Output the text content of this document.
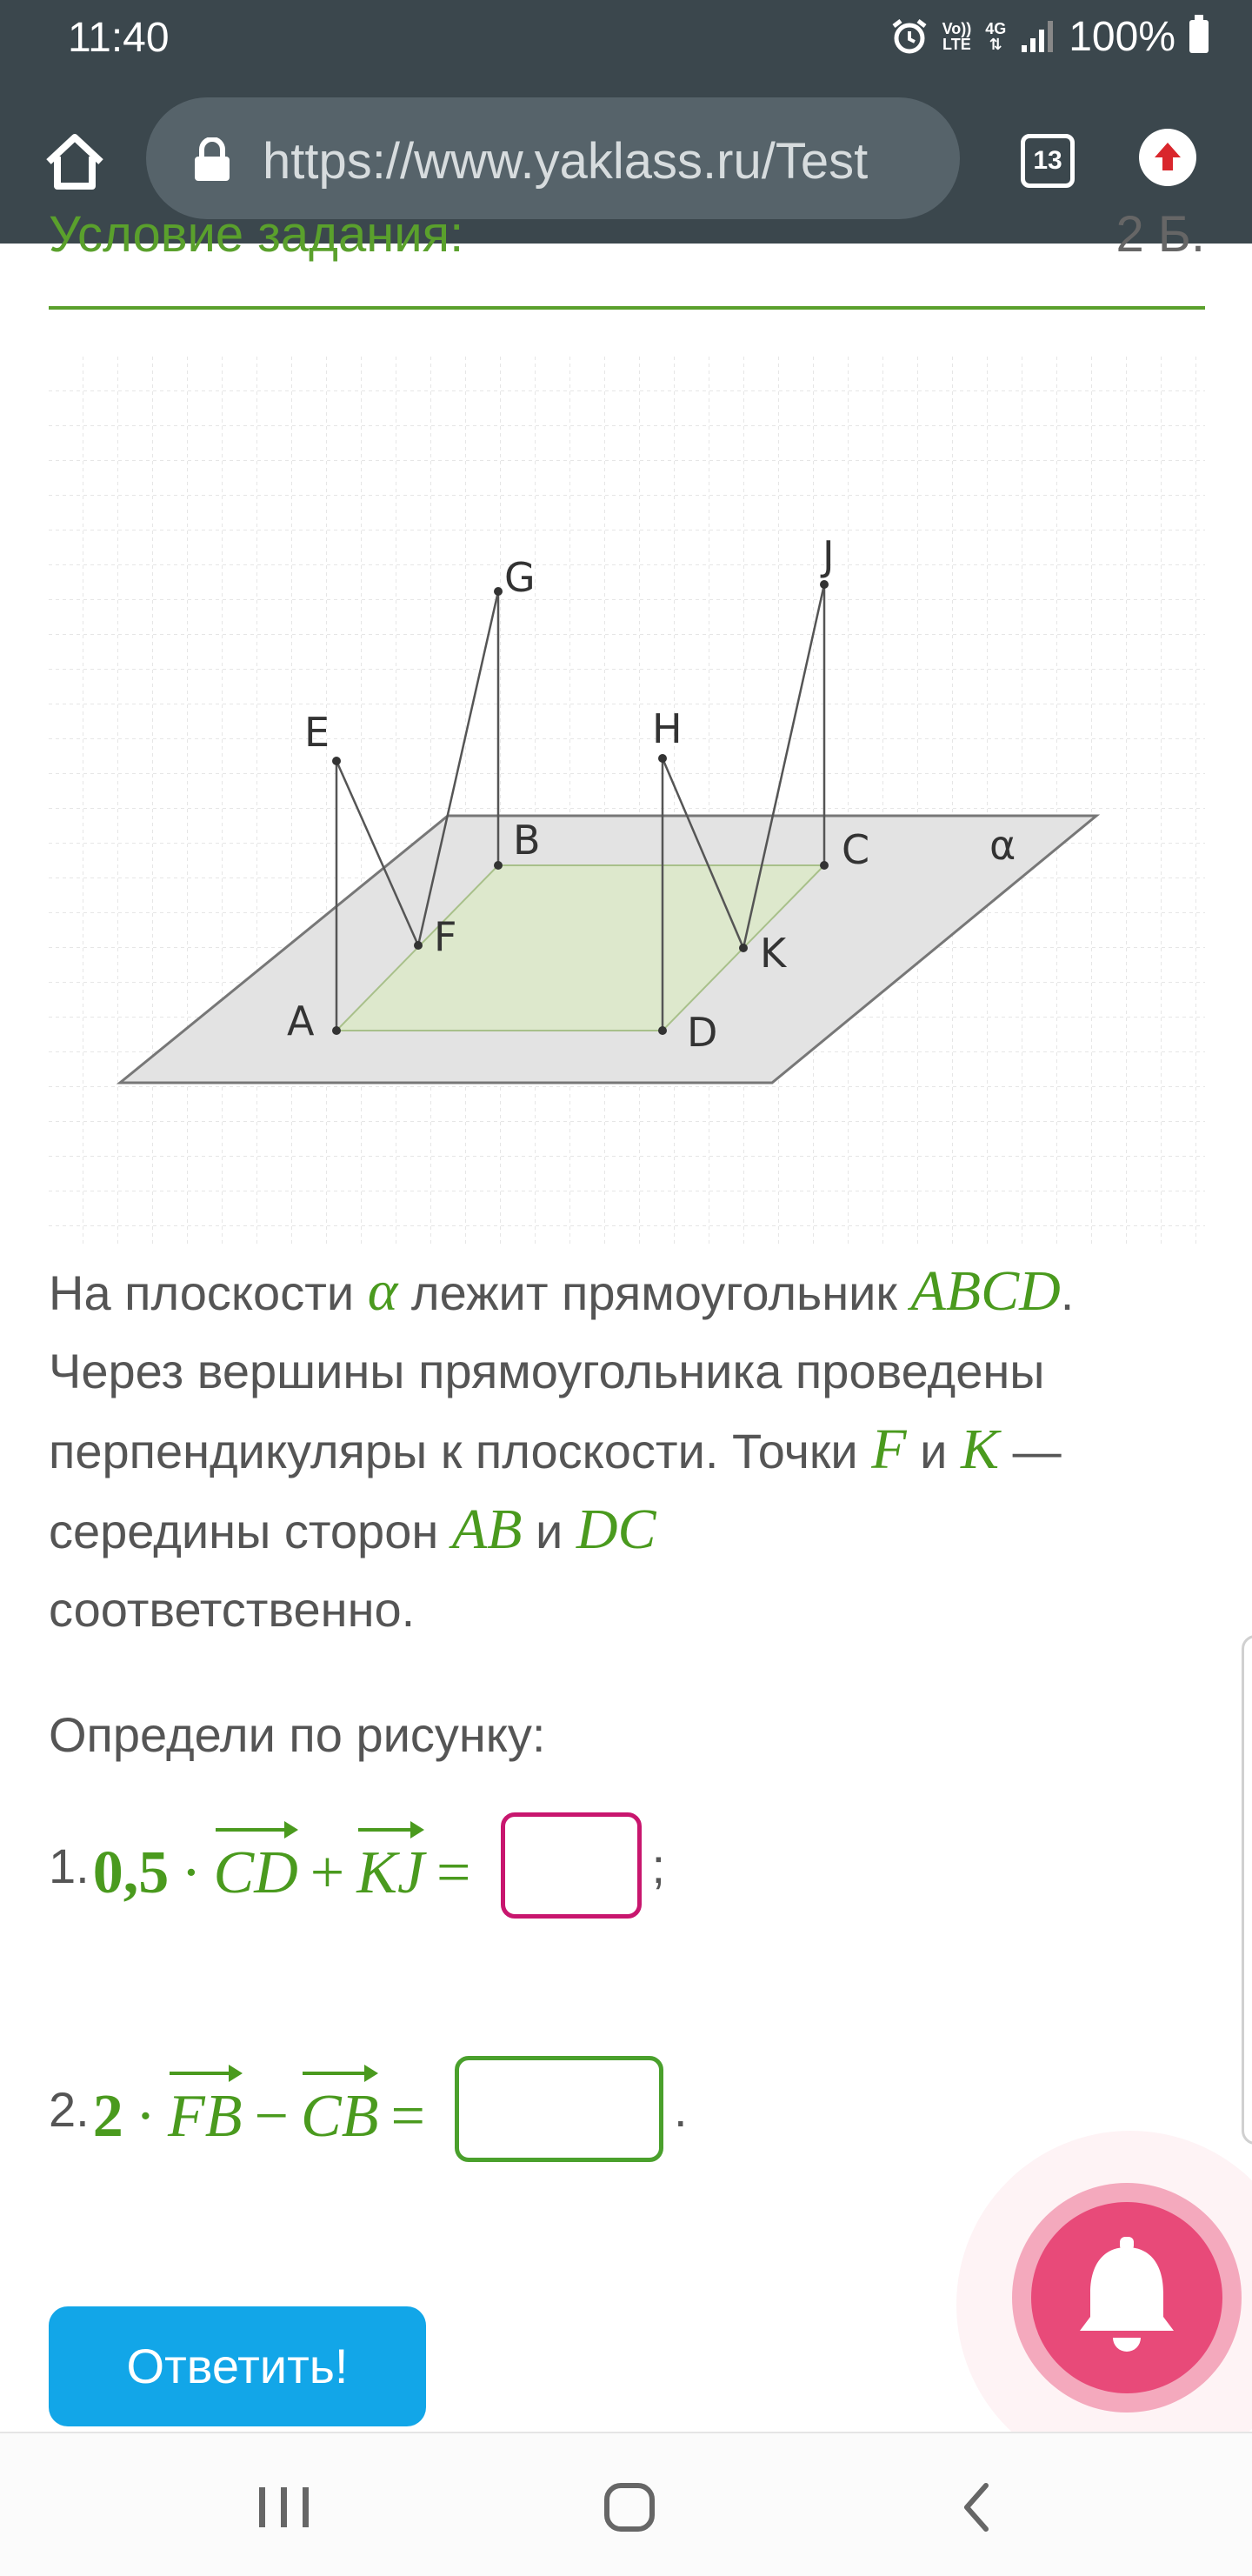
11:40	Vo))
LTE
4G
⇅ 100%
https://www.yaklass.ru/Test	13
Условие задания:	2 Б.
A
B	C
D
E
F
G
H
J
K
α
На плоскости α лежит прямоугольник ABCD. Через вершины прямоугольника проведены перпендикуляры к плоскости. Точки F и K — середины сторон AB и DC
соответственно.
Определи по рисунку:
1. 0,5 · CD + KJ =	;
2. 2 · FB − CB =	.
Ответить!
